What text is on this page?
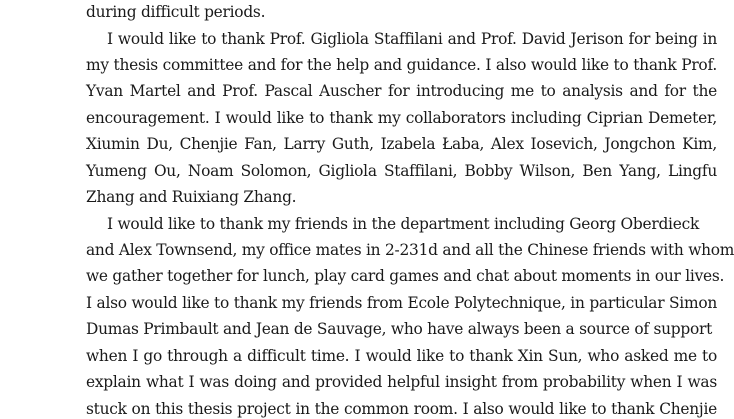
during difficult periods.
I would like to thank Prof. Gigliola Staffilani and Prof. David Jerison for being in
my thesis committee and for the help and guidance. I also would like to thank Prof.
Yvan Martel and Prof. Pascal Auscher for introducing me to analysis and for the
encouragement. I would like to thank my collaborators including Ciprian Demeter,
Xiumin Du, Chenjie Fan, Larry Guth, Izabela Łaba, Alex Iosevich, Jongchon Kim,
Yumeng Ou, Noam Solomon, Gigliola Staffilani, Bobby Wilson, Ben Yang, Lingfu
Zhang and Ruixiang Zhang.
I would like to thank my friends in the department including Georg Oberdieck
and Alex Townsend, my office mates in 2-231d and all the Chinese friends with whom
we gather together for lunch, play card games and chat about moments in our lives.
I also would like to thank my friends from Ecole Polytechnique, in particular Simon
Dumas Primbault and Jean de Sauvage, who have always been a source of support
when I go through a difficult time. I would like to thank Xin Sun, who asked me to
explain what I was doing and provided helpful insight from probability when I was
stuck on this thesis project in the common room. I also would like to thank Chenjie
